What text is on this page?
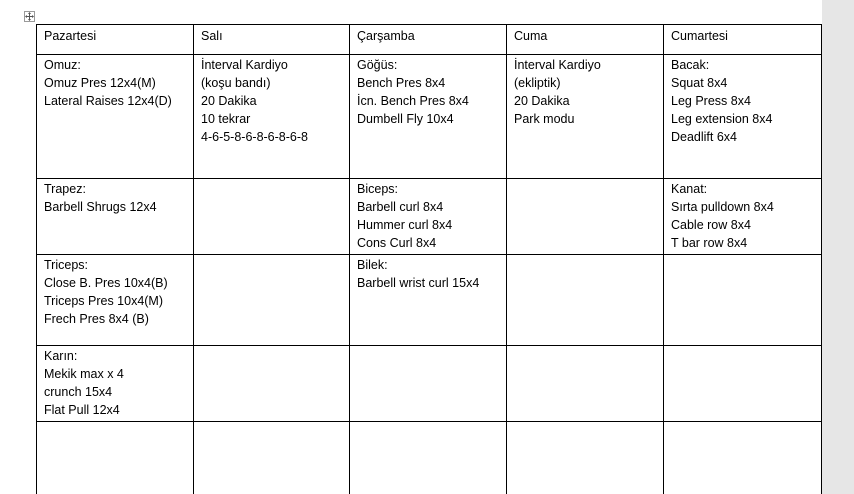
Pazartesi	Salı	Çarşamba	Cuma	Cumartesi

Omuz:
Omuz Pres 12x4(M)
Lateral Raises 12x4(D)	İnterval Kardiyo
(koşu bandı)
20 Dakika
10 tekrar
4-6-5-8-6-8-6-8-6-8	Göğüs:
Bench Pres 8x4
İcn. Bench Pres 8x4
Dumbell Fly 10x4	İnterval Kardiyo
(ekliptik)
20 Dakika
Park modu	Bacak:
Squat 8x4
Leg Press 8x4
Leg extension 8x4
Deadlift 6x4

Trapez:
Barbell Shrugs 12x4		Biceps:
Barbell curl 8x4
Hummer curl 8x4
Cons Curl 8x4		Kanat:
Sırta pulldown 8x4
Cable row 8x4
T bar row 8x4

Triceps:
Close B. Pres 10x4(B)
Triceps Pres 10x4(M)
Frech Pres 8x4 (B)		Bilek:
Barbell wrist curl 15x4		

Karın:
Mekik max x 4
crunch 15x4
Flat Pull 12x4				
